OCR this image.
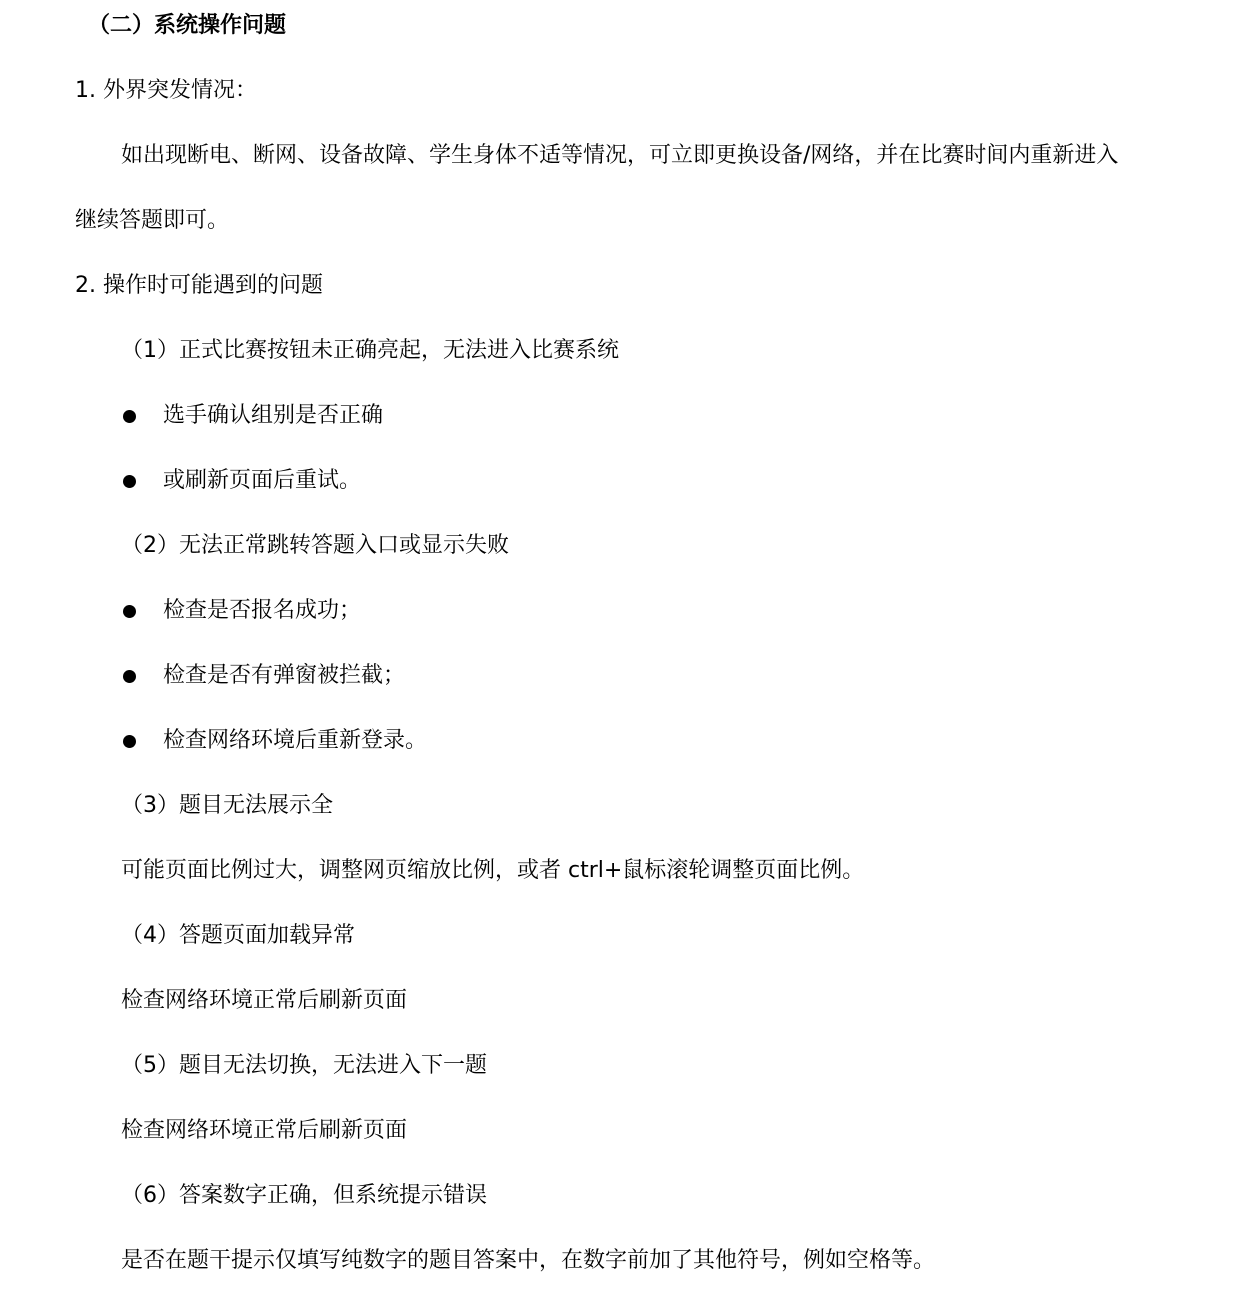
（二）系统操作问题
1. 外界突发情况：
如出现断电、断网、设备故障、学生身体不适等情况，可立即更换设备/网络，并在比赛时间内重新进入
继续答题即可。
2. 操作时可能遇到的问题
（1）正式比赛按钮未正确亮起，无法进入比赛系统
选手确认组别是否正确
或刷新页面后重试。
（2）无法正常跳转答题入口或显示失败
检查是否报名成功；
检查是否有弹窗被拦截；
检查网络环境后重新登录。
（3）题目无法展示全
可能页面比例过大，调整网页缩放比例，或者 ctrl+鼠标滚轮调整页面比例。
（4）答题页面加载异常
检查网络环境正常后刷新页面
（5）题目无法切换，无法进入下一题
检查网络环境正常后刷新页面
（6）答案数字正确，但系统提示错误
是否在题干提示仅填写纯数字的题目答案中，在数字前加了其他符号，例如空格等。
